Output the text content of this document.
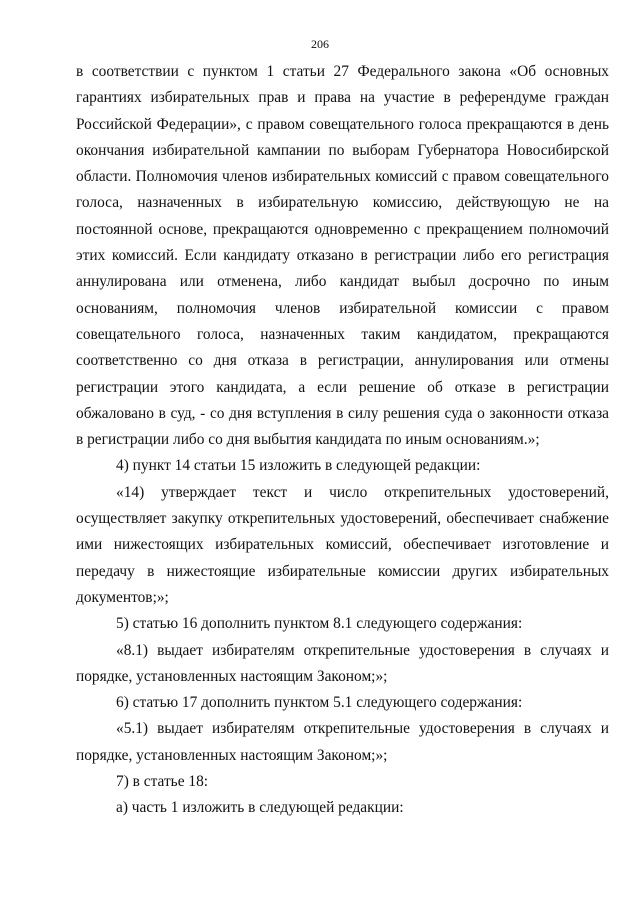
206

в соответствии с пунктом 1 статьи 27 Федерального закона «Об основных гарантиях избирательных прав и права на участие в референдуме граждан Российской Федерации», с правом совещательного голоса прекращаются в день окончания избирательной кампании по выборам Губернатора Новосибирской области. Полномочия членов избирательных комиссий с правом совещательного голоса, назначенных в избирательную комиссию, действующую не на постоянной основе, прекращаются одновременно с прекращением полномочий этих комиссий. Если кандидату отказано в регистрации либо его регистрация аннулирована или отменена, либо кандидат выбыл досрочно по иным основаниям, полномочия членов избирательной комиссии с правом совещательного голоса, назначенных таким кандидатом, прекращаются соответственно со дня отказа в регистрации, аннулирования или отмены регистрации этого кандидата, а если решение об отказе в регистрации обжаловано в суд, - со дня вступления в силу решения суда о законности отказа в регистрации либо со дня выбытия кандидата по иным основаниям.»;

4) пункт 14 статьи 15 изложить в следующей редакции:

«14) утверждает текст и число открепительных удостоверений, осуществляет закупку открепительных удостоверений, обеспечивает снабжение ими нижестоящих избирательных комиссий, обеспечивает изготовление и передачу в нижестоящие избирательные комиссии других избирательных документов;»;

5) статью 16 дополнить пунктом 8.1 следующего содержания:

«8.1) выдает избирателям открепительные удостоверения в случаях и порядке, установленных настоящим Законом;»;

6) статью 17 дополнить пунктом 5.1 следующего содержания:

«5.1) выдает избирателям открепительные удостоверения в случаях и порядке, установленных настоящим Законом;»;

7) в статье 18:

а) часть 1 изложить в следующей редакции:
